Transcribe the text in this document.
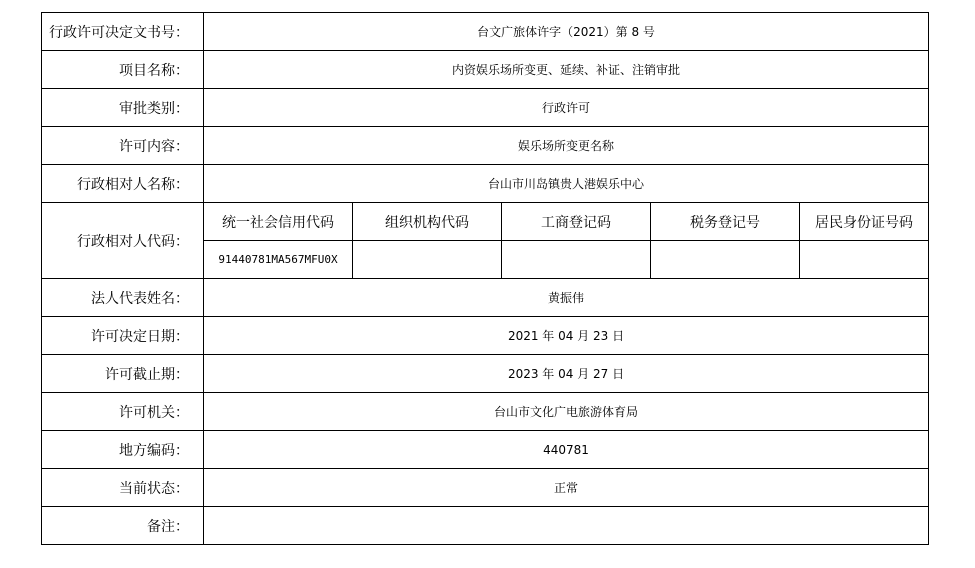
行政许可决定文书号：	台文广旅体许字（2021）第 8 号				
项目名称：	内资娱乐场所变更、延续、补证、注销审批				
审批类别：	行政许可				
许可内容：	娱乐场所变更名称				
行政相对人名称：	台山市川岛镇贵人港娱乐中心				
行政相对人代码：	统一社会信用代码	组织机构代码	工商登记码	税务登记号	居民身份证号码
	91440781MA567MFU0X				
法人代表姓名：	黄振伟				
许可决定日期：	2021 年 04 月 23 日				
许可截止期：	2023 年 04 月 27 日				
许可机关：	台山市文化广电旅游体育局				
地方编码：	440781				
当前状态：	正常				
备注：					
